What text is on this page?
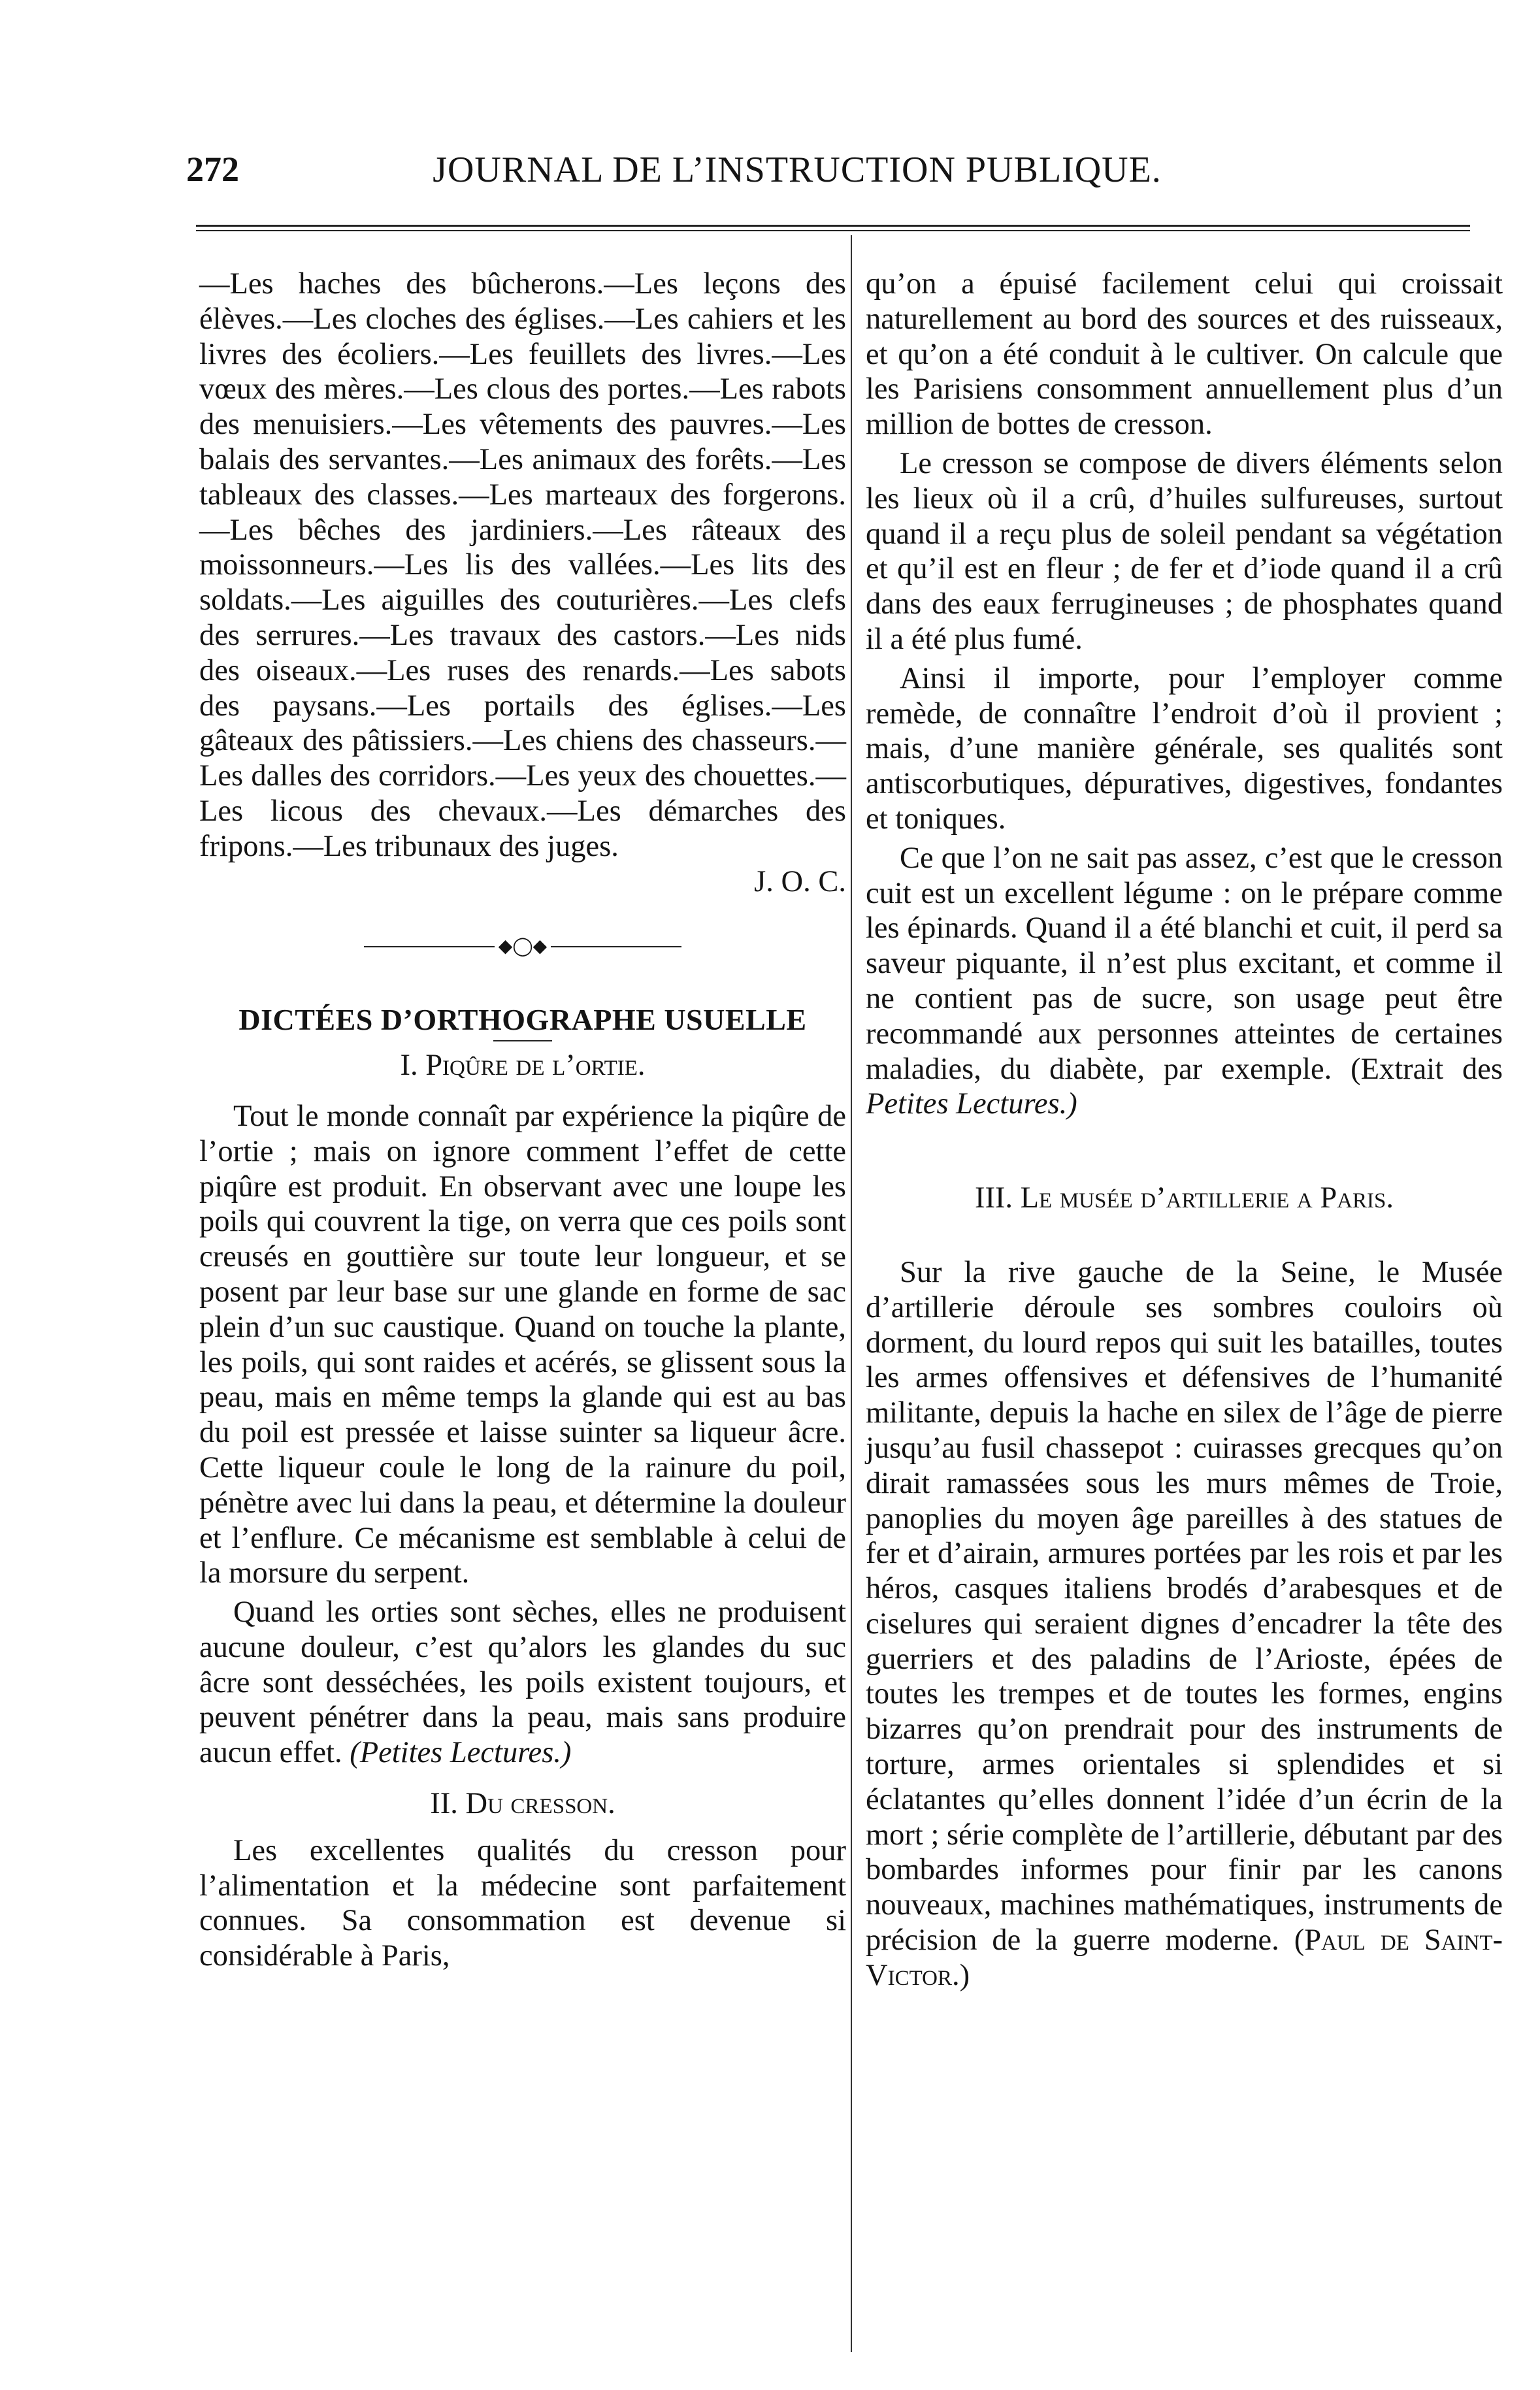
272	JOURNAL DE L’INSTRUCTION PUBLIQUE.

—Les haches des bûcherons.—Les leçons des élèves.—Les cloches des églises.—Les cahiers et les livres des écoliers.—Les feuillets des livres.—Les vœux des mères.—Les clous des portes.—Les rabots des menuisiers.—Les vêtements des pauvres.—Les balais des servantes.—Les animaux des forêts.—Les tableaux des classes.—Les marteaux des forgerons.—Les bêches des jardiniers.—Les râteaux des moissonneurs.—Les lis des vallées.—Les lits des soldats.—Les aiguilles des couturières.—Les clefs des serrures.—Les travaux des castors.—Les nids des oiseaux.—Les ruses des renards.—Les sabots des paysans.—Les portails des églises.—Les gâteaux des pâtissiers.—Les chiens des chasseurs.—Les dalles des corridors.—Les yeux des chouettes.—Les licous des chevaux.—Les démarches des fripons.—Les tribunaux des juges.

J. O. C.

◆◯◆

DICTÉES D’ORTHOGRAPHE USUELLE

I. Piqûre de l’ortie.

Tout le monde connaît par expérience la piqûre de l’ortie ; mais on ignore comment l’effet de cette piqûre est produit. En observant avec une loupe les poils qui couvrent la tige, on verra que ces poils sont creusés en gouttière sur toute leur longueur, et se posent par leur base sur une glande en forme de sac plein d’un suc caustique. Quand on touche la plante, les poils, qui sont raides et acérés, se glissent sous la peau, mais en même temps la glande qui est au bas du poil est pressée et laisse suinter sa liqueur âcre. Cette liqueur coule le long de la rainure du poil, pénètre avec lui dans la peau, et détermine la douleur et l’enflure. Ce mécanisme est semblable à celui de la morsure du serpent.

Quand les orties sont sèches, elles ne produisent aucune douleur, c’est qu’alors les glandes du suc âcre sont desséchées, les poils existent toujours, et peuvent pénétrer dans la peau, mais sans produire aucun effet. (Petites Lectures.)

II. Du cresson.

Les excellentes qualités du cresson pour l’alimentation et la médecine sont parfaitement connues. Sa consommation est devenue si considérable à Paris,

qu’on a épuisé facilement celui qui croissait naturellement au bord des sources et des ruisseaux, et qu’on a été conduit à le cultiver. On calcule que les Parisiens consomment annuellement plus d’un million de bottes de cresson.

Le cresson se compose de divers éléments selon les lieux où il a crû, d’huiles sulfureuses, surtout quand il a reçu plus de soleil pendant sa végétation et qu’il est en fleur ; de fer et d’iode quand il a crû dans des eaux ferrugineuses ; de phosphates quand il a été plus fumé.

Ainsi il importe, pour l’employer comme remède, de connaître l’endroit d’où il provient ; mais, d’une manière générale, ses qualités sont antiscorbutiques, dépuratives, digestives, fondantes et toniques.

Ce que l’on ne sait pas assez, c’est que le cresson cuit est un excellent légume : on le prépare comme les épinards. Quand il a été blanchi et cuit, il perd sa saveur piquante, il n’est plus excitant, et comme il ne contient pas de sucre, son usage peut être recommandé aux personnes atteintes de certaines maladies, du diabète, par exemple. (Extrait des Petites Lectures.)

III. Le musée d’artillerie a Paris.

Sur la rive gauche de la Seine, le Musée d’artillerie déroule ses sombres couloirs où dorment, du lourd repos qui suit les batailles, toutes les armes offensives et défensives de l’humanité militante, depuis la hache en silex de l’âge de pierre jusqu’au fusil chassepot : cuirasses grecques qu’on dirait ramassées sous les murs mêmes de Troie, panoplies du moyen âge pareilles à des statues de fer et d’airain, armures portées par les rois et par les héros, casques italiens brodés d’arabesques et de ciselures qui seraient dignes d’encadrer la tête des guerriers et des paladins de l’Arioste, épées de toutes les trempes et de toutes les formes, engins bizarres qu’on prendrait pour des instruments de torture, armes orientales si splendides et si éclatantes qu’elles donnent l’idée d’un écrin de la mort ; série complète de l’artillerie, débutant par des bombardes informes pour finir par les canons nouveaux, machines mathématiques, instruments de précision de la guerre moderne. (Paul de Saint-Victor.)
